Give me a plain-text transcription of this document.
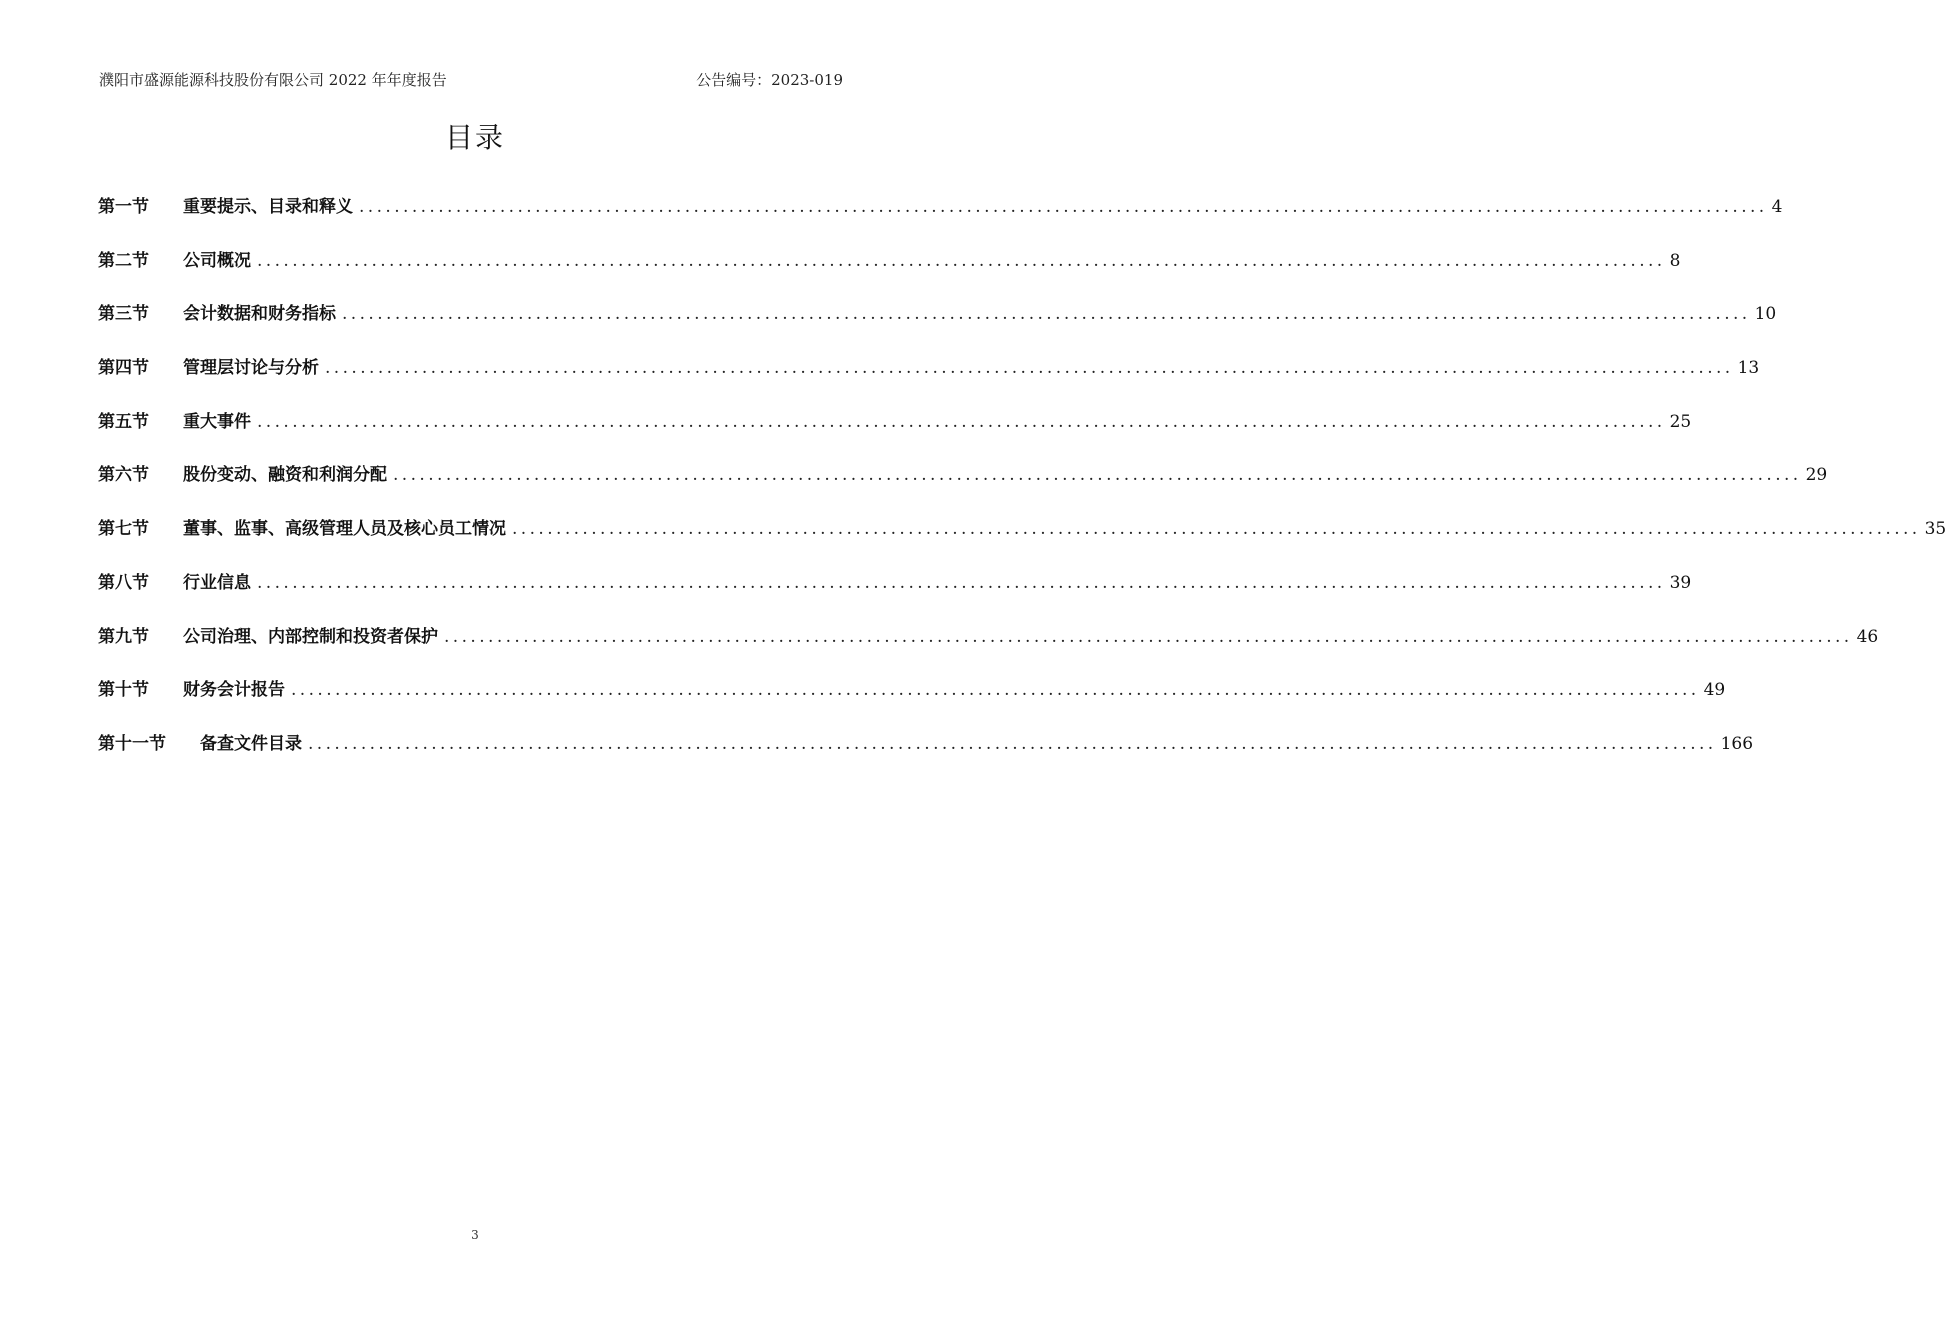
濮阳市盛源能源科技股份有限公司 2022 年年度报告	公告编号：2023-019
目录
第一节	重要提示、目录和释义 ................................................................................................................................................................ 4
第二节	公司概况 ................................................................................................................................................................ 8
第三节	会计数据和财务指标 ................................................................................................................................................................ 10
第四节	管理层讨论与分析 ................................................................................................................................................................ 13
第五节	重大事件 ................................................................................................................................................................ 25
第六节	股份变动、融资和利润分配 ................................................................................................................................................................ 29
第七节	董事、监事、高级管理人员及核心员工情况 ................................................................................................................................................................ 35
第八节	行业信息 ................................................................................................................................................................ 39
第九节	公司治理、内部控制和投资者保护 ................................................................................................................................................................ 46
第十节	财务会计报告 ................................................................................................................................................................ 49
第十一节	备查文件目录 ................................................................................................................................................................ 166
3
